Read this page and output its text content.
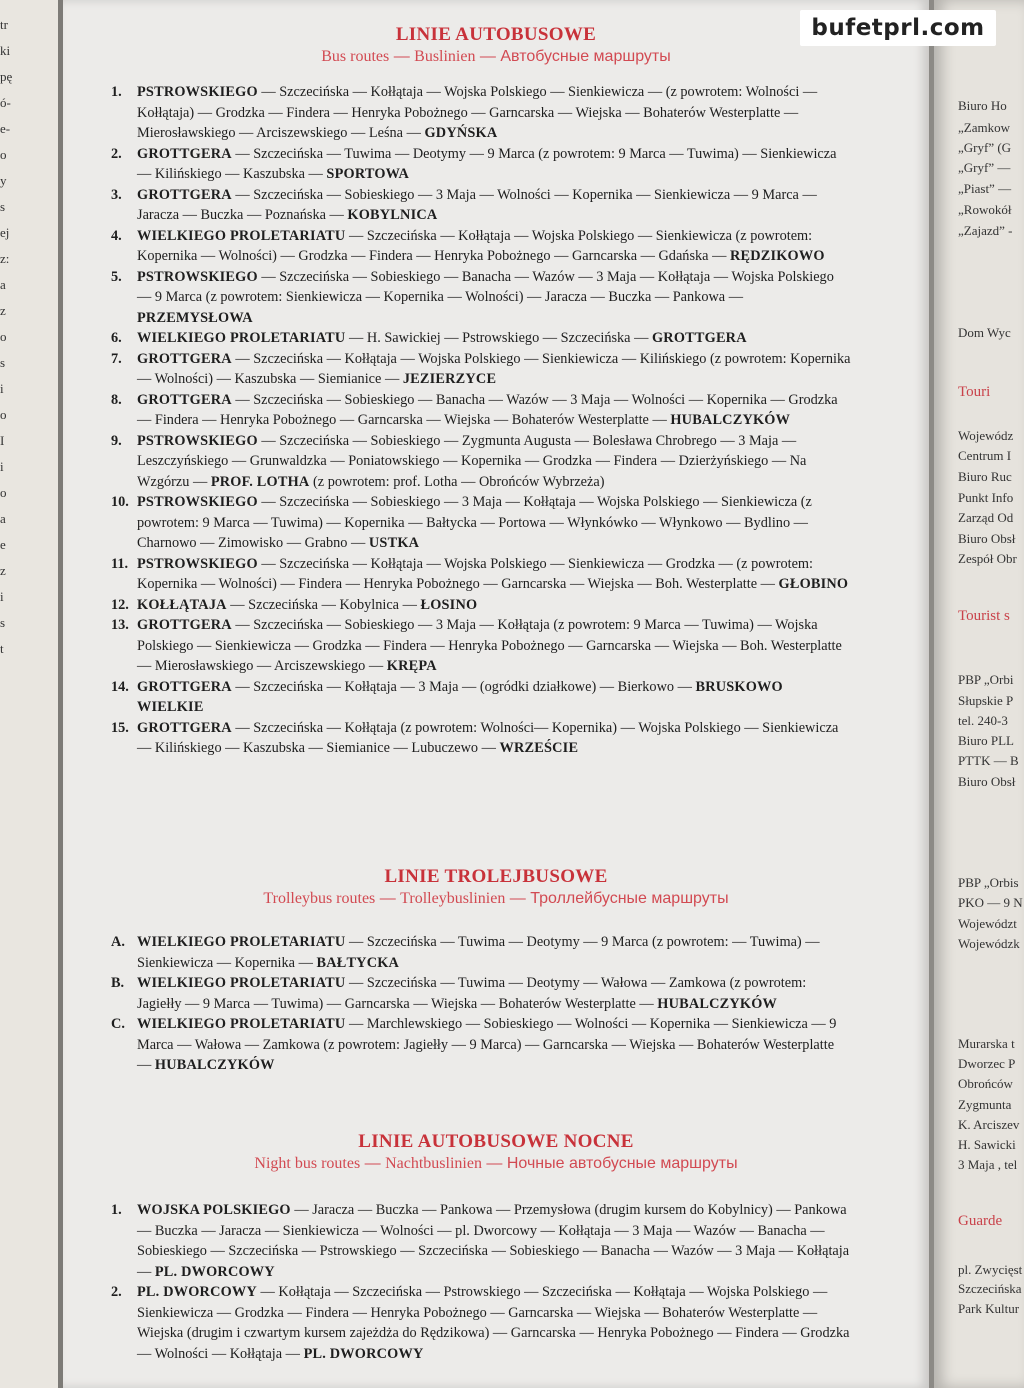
tr
ki
pę
ó-
e-
o
y
s
ej
z:
a
z
o
s
i
o
I
i
o
a
e
z
i
s
t
LINIE AUTOBUSOWE
Bus routes — Buslinien — Автобусные маршруты
1. PSTROWSKIEGO — Szczecińska — Kołłątaja — Wojska Polskiego — Sienkiewicza — (z powrotem: Wolności — Kołłątaja) — Grodzka — Findera — Henryka Pobożnego — Garncarska — Wiejska — Bohaterów Westerplatte — Mierosławskiego — Arciszewskiego — Leśna — GDYŃSKA
2. GROTTGERA — Szczecińska — Tuwima — Deotymy — 9 Marca (z powrotem: 9 Marca — Tuwima) — Sienkiewicza — Kilińskiego — Kaszubska — SPORTOWA
3. GROTTGERA — Szczecińska — Sobieskiego — 3 Maja — Wolności — Kopernika — Sienkiewicza — 9 Marca — Jaracza — Buczka — Poznańska — KOBYLNICA
4. WIELKIEGO PROLETARIATU — Szczecińska — Kołłątaja — Wojska Polskiego — Sienkiewicza (z powrotem: Kopernika — Wolności) — Grodzka — Findera — Henryka Pobożnego — Garncarska — Gdańska — RĘDZIKOWO
5. PSTROWSKIEGO — Szczecińska — Sobieskiego — Banacha — Wazów — 3 Maja — Kołłątaja — Wojska Polskiego — 9 Marca (z powrotem: Sienkiewicza — Kopernika — Wolności) — Jaracza — Buczka — Pankowa — PRZEMYSŁOWA
6. WIELKIEGO PROLETARIATU — H. Sawickiej — Pstrowskiego — Szczecińska — GROTTGERA
7. GROTTGERA — Szczecińska — Kołłątaja — Wojska Polskiego — Sienkiewicza — Kilińskiego (z powrotem: Kopernika — Wolności) — Kaszubska — Siemianice — JEZIERZYCE
8. GROTTGERA — Szczecińska — Sobieskiego — Banacha — Wazów — 3 Maja — Wolności — Kopernika — Grodzka — Findera — Henryka Pobożnego — Garncarska — Wiejska — Bohaterów Westerplatte — HUBALCZYKÓW
9. PSTROWSKIEGO — Szczecińska — Sobieskiego — Zygmunta Augusta — Bolesława Chrobrego — 3 Maja — Leszczyńskiego — Grunwaldzka — Poniatowskiego — Kopernika — Grodzka — Findera — Dzierżyńskiego — Na Wzgórzu — PROF. LOTHA (z powrotem: prof. Lotha — Obrońców Wybrzeża)
10. PSTROWSKIEGO — Szczecińska — Sobieskiego — 3 Maja — Kołłątaja — Wojska Polskiego — Sienkiewicza (z powrotem: 9 Marca — Tuwima) — Kopernika — Bałtycka — Portowa — Włynkówko — Włynkowo — Bydlino — Charnowo — Zimowisko — Grabno — USTKA
11. PSTROWSKIEGO — Szczecińska — Kołłątaja — Wojska Polskiego — Sienkiewicza — Grodzka — (z powrotem: Kopernika — Wolności) — Findera — Henryka Pobożnego — Garncarska — Wiejska — Boh. Westerplatte — GŁOBINO
12. KOŁŁĄTAJA — Szczecińska — Kobylnica — ŁOSINO
13. GROTTGERA — Szczecińska — Sobieskiego — 3 Maja — Kołłątaja (z powrotem: 9 Marca — Tuwima) — Wojska Polskiego — Sienkiewicza — Grodzka — Findera — Henryka Pobożnego — Garncarska — Wiejska — Boh. Westerplatte — Mierosławskiego — Arciszewskiego — KRĘPA
14. GROTTGERA — Szczecińska — Kołłątaja — 3 Maja — (ogródki działkowe) — Bierkowo — BRUSKOWO WIELKIE
15. GROTTGERA — Szczecińska — Kołłątaja (z powrotem: Wolności— Kopernika) — Wojska Polskiego — Sienkiewicza — Kilińskiego — Kaszubska — Siemianice — Lubuczewo — WRZEŚCIE
LINIE TROLEJBUSOWE
Trolleybus routes — Trolleybuslinien — Троллейбусные маршруты
A. WIELKIEGO PROLETARIATU — Szczecińska — Tuwima — Deotymy — 9 Marca (z powrotem: — Tuwima) — Sienkiewicza — Kopernika — BAŁTYCKA
B. WIELKIEGO PROLETARIATU — Szczecińska — Tuwima — Deotymy — Wałowa — Zamkowa (z powrotem: Jagiełły — 9 Marca — Tuwima) — Garncarska — Wiejska — Bohaterów Westerplatte — HUBALCZYKÓW
C. WIELKIEGO PROLETARIATU — Marchlewskiego — Sobieskiego — Wolności — Kopernika — Sienkiewicza — 9 Marca — Wałowa — Zamkowa (z powrotem: Jagiełły — 9 Marca) — Garncarska — Wiejska — Bohaterów Westerplatte — HUBALCZYKÓW
LINIE AUTOBUSOWE NOCNE
Night bus routes — Nachtbuslinien — Ночные автобусные маршруты
1. WOJSKA POLSKIEGO — Jaracza — Buczka — Pankowa — Przemysłowa (drugim kursem do Kobylnicy) — Pankowa — Buczka — Jaracza — Sienkiewicza — Wolności — pl. Dworcowy — Kołłątaja — 3 Maja — Wazów — Banacha — Sobieskiego — Szczecińska — Pstrowskiego — Szczecińska — Sobieskiego — Banacha — Wazów — 3 Maja — Kołłątaja — PL. DWORCOWY
2. PL. DWORCOWY — Kołłątaja — Szczecińska — Pstrowskiego — Szczecińska — Kołłątaja — Wojska Polskiego — Sienkiewicza — Grodzka — Findera — Henryka Pobożnego — Garncarska — Wiejska — Bohaterów Westerplatte — Wiejska (drugim i czwartym kursem zajeżdża do Rędzikowa) — Garncarska — Henryka Pobożnego — Findera — Grodzka — Wolności — Kołłątaja — PL. DWORCOWY
Biuro Ho
„Zamkow
„Gryf” (G
„Gryf” —
„Piast” —
„Rowokół
„Zajazd” -
Dom Wyc
Touri
Wojewódz
Centrum I
Biuro Ruc
Punkt Info
Zarząd Od
Biuro Obsł
Zespół Obr
Tourist s
PBP „Orbi
Słupskie P
tel. 240-3
Biuro PLL
PTTK — B
Biuro Obsł
PBP „Orbis
PKO — 9 N
Województ
Wojewódzk
Murarska t
Dworzec P
Obrońców
Zygmunta
K. Arciszev
H. Sawicki
3 Maja , tel
Guarde
pl. Zwycięst
Szczecińska
Park Kultur
bufetprl.com
